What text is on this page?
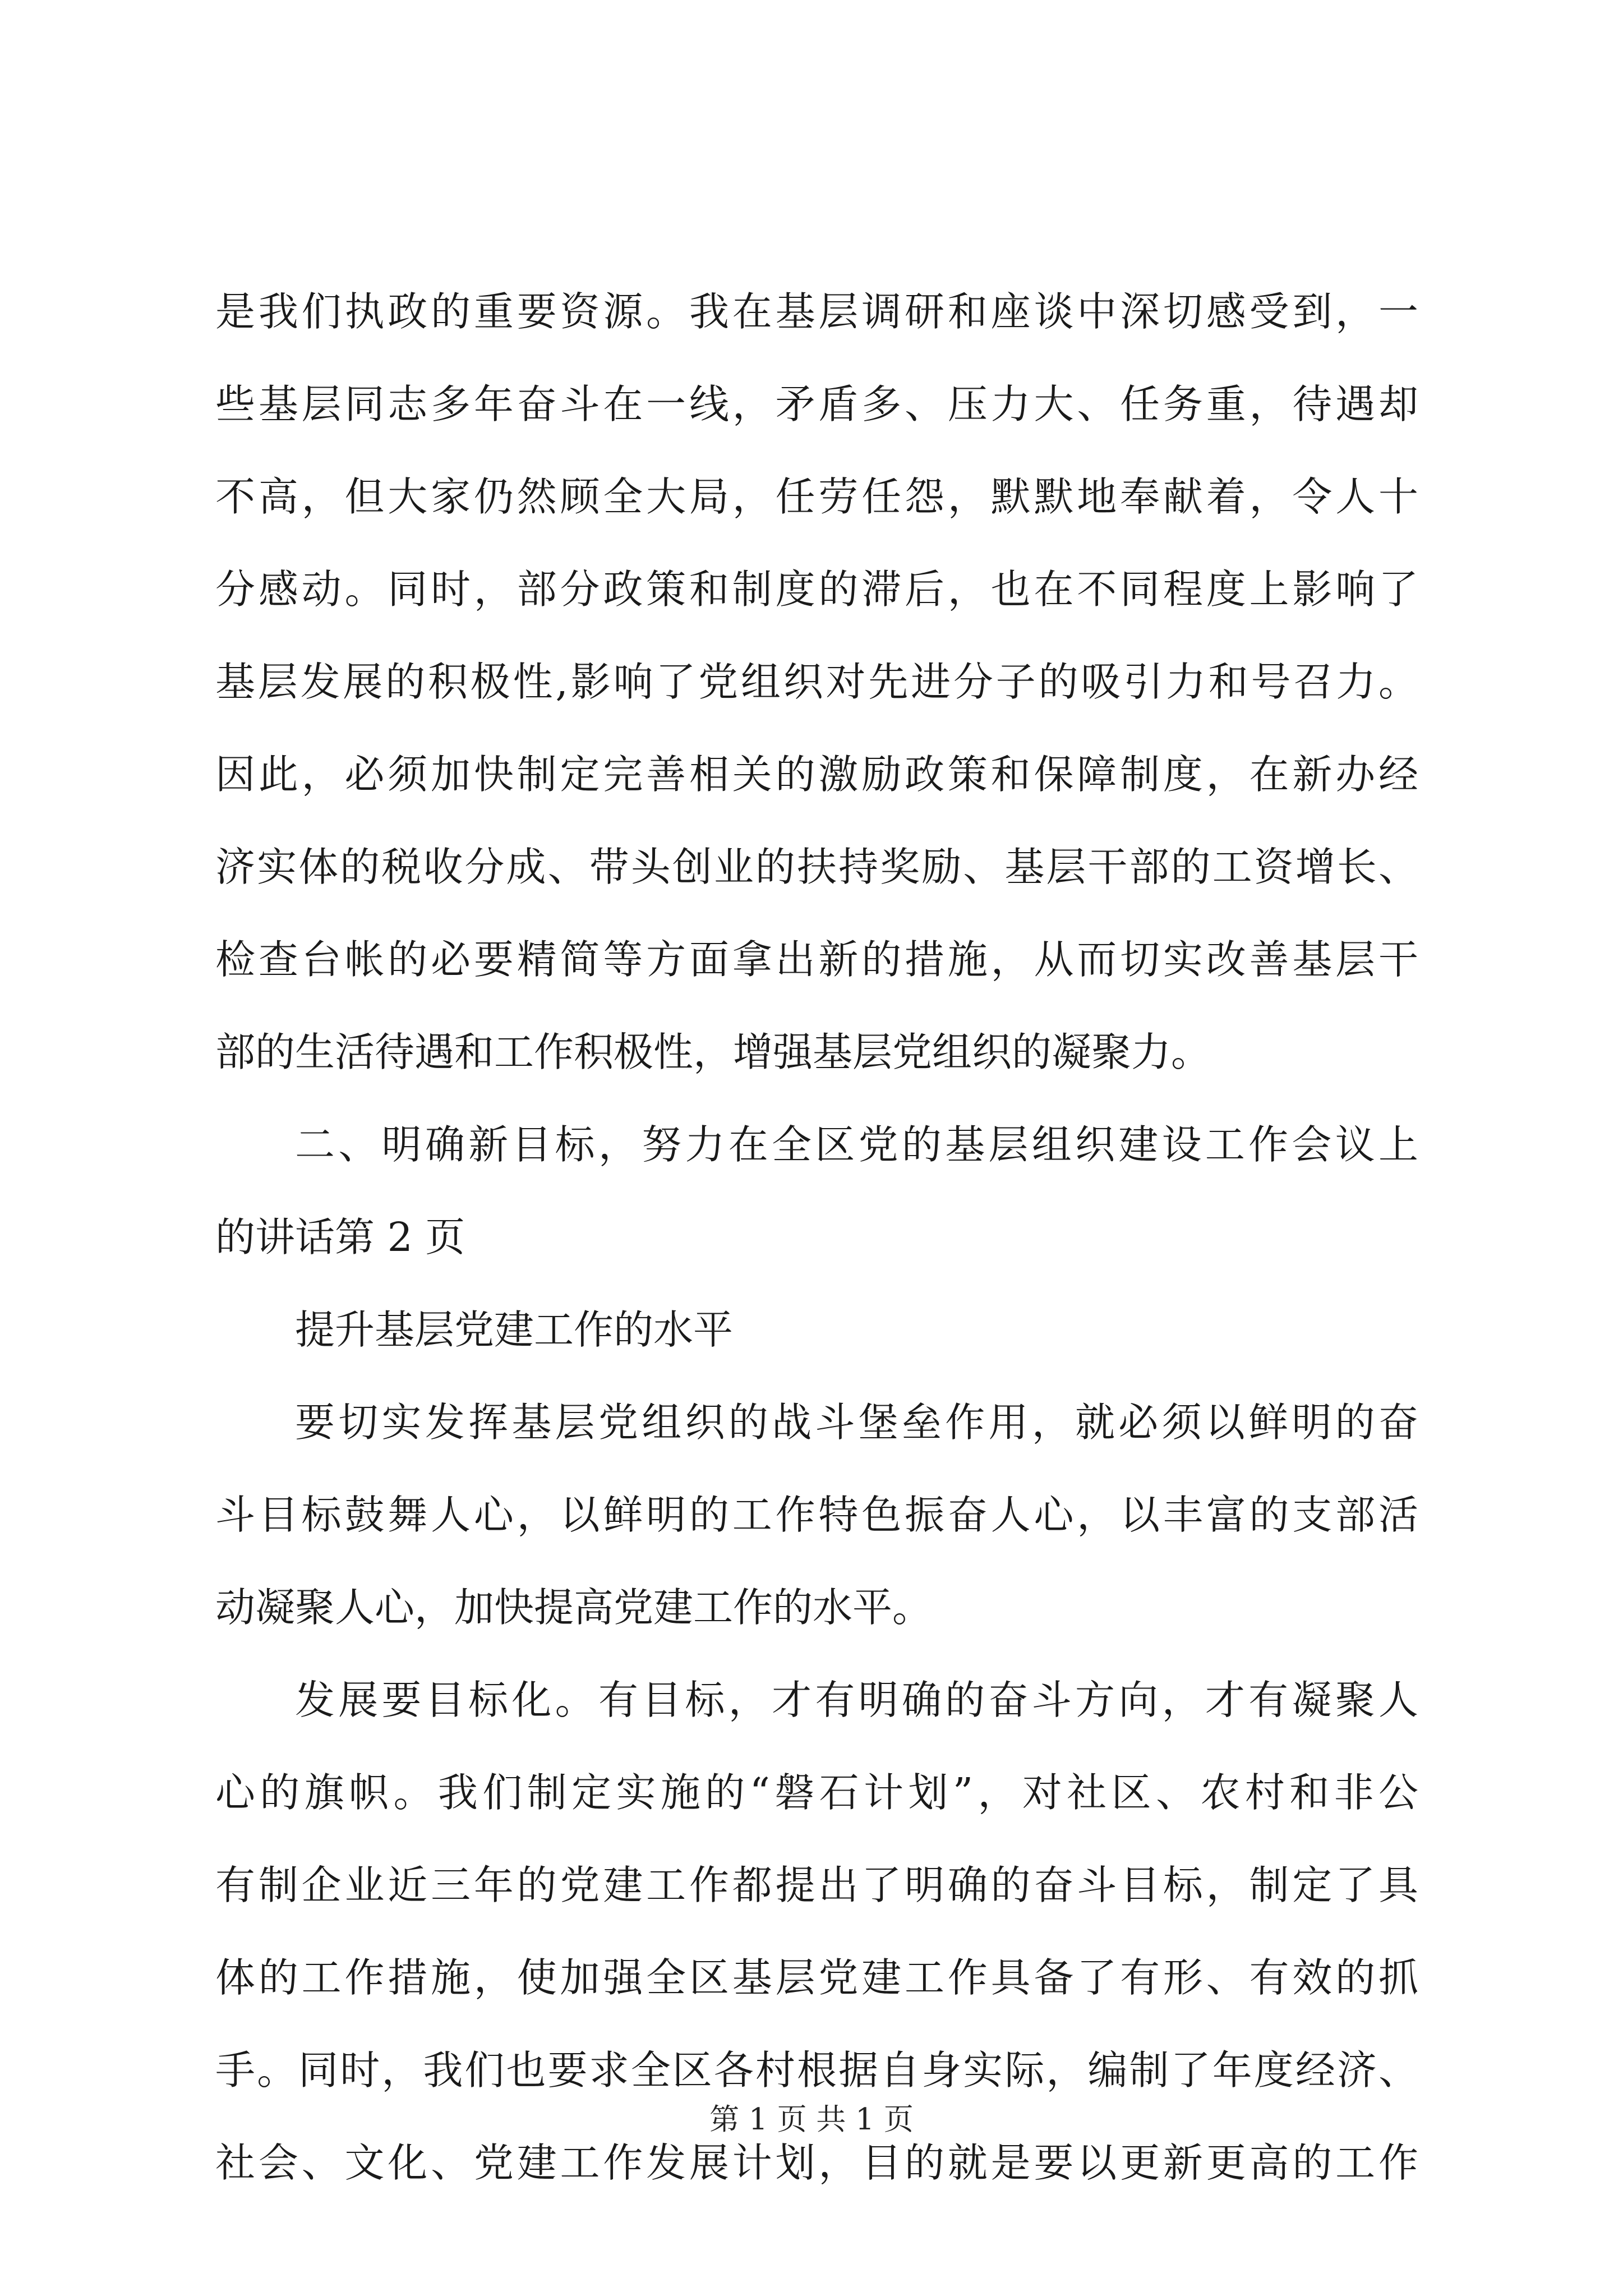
是我们执政的重要资源。我在基层调研和座谈中深切感受到，一
些基层同志多年奋斗在一线，矛盾多、压力大、任务重，待遇却
不高，但大家仍然顾全大局，任劳任怨，默默地奉献着，令人十
分感动。同时，部分政策和制度的滞后，也在不同程度上影响了
基层发展的积极性,影响了党组织对先进分子的吸引力和号召力。
因此，必须加快制定完善相关的激励政策和保障制度，在新办经
济实体的税收分成、带头创业的扶持奖励、基层干部的工资增长、
检查台帐的必要精简等方面拿出新的措施，从而切实改善基层干
部的生活待遇和工作积极性，增强基层党组织的凝聚力。
二、明确新目标，努力在全区党的基层组织建设工作会议上
的讲话第 2 页
提升基层党建工作的水平
要切实发挥基层党组织的战斗堡垒作用，就必须以鲜明的奋
斗目标鼓舞人心，以鲜明的工作特色振奋人心，以丰富的支部活
动凝聚人心，加快提高党建工作的水平。
发展要目标化。有目标，才有明确的奋斗方向，才有凝聚人
心的旗帜。我们制定实施的“磐石计划”，对社区、农村和非公
有制企业近三年的党建工作都提出了明确的奋斗目标，制定了具
体的工作措施，使加强全区基层党建工作具备了有形、有效的抓
手。同时，我们也要求全区各村根据自身实际，编制了年度经济、
社会、文化、党建工作发展计划，目的就是要以更新更高的工作
第 1 页 共 1 页
